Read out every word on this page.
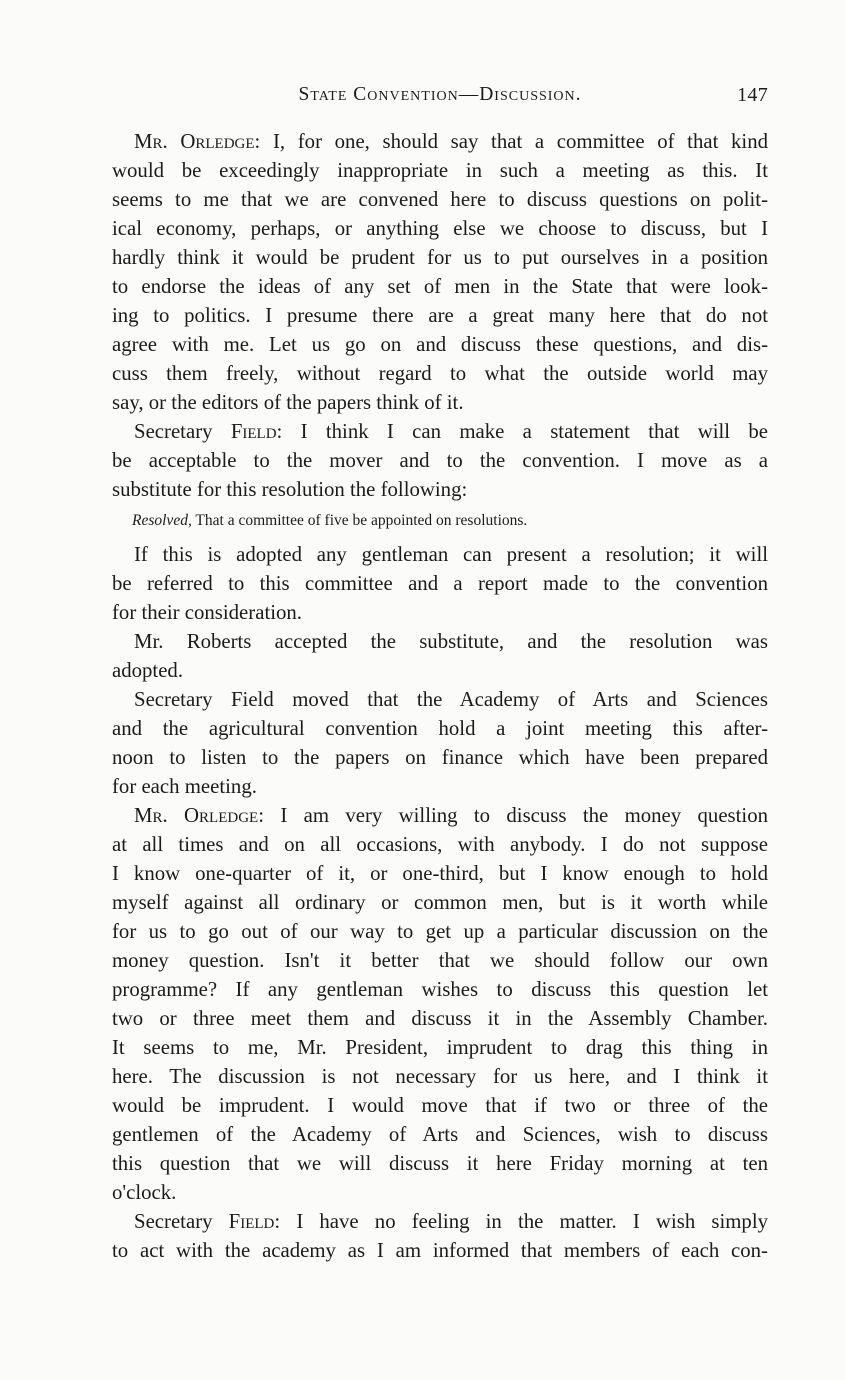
State Convention—Discussion.	147
Mr. Orledge: I, for one, should say that a committee of that kind
would be exceedingly inappropriate in such a meeting as this. It
seems to me that we are convened here to discuss questions on polit-
ical economy, perhaps, or anything else we choose to discuss, but I
hardly think it would be prudent for us to put ourselves in a position
to endorse the ideas of any set of men in the State that were look-
ing to politics. I presume there are a great many here that do not
agree with me. Let us go on and discuss these questions, and dis-
cuss them freely, without regard to what the outside world may
say, or the editors of the papers think of it.
Secretary Field: I think I can make a statement that will be
be acceptable to the mover and to the convention. I move as a
substitute for this resolution the following:
Resolved, That a committee of five be appointed on resolutions.
If this is adopted any gentleman can present a resolution; it will
be referred to this committee and a report made to the convention
for their consideration.
Mr. Roberts accepted the substitute, and the resolution was
adopted.
Secretary Field moved that the Academy of Arts and Sciences
and the agricultural convention hold a joint meeting this after-
noon to listen to the papers on finance which have been prepared
for each meeting.
Mr. Orledge: I am very willing to discuss the money question
at all times and on all occasions, with anybody. I do not suppose
I know one-quarter of it, or one-third, but I know enough to hold
myself against all ordinary or common men, but is it worth while
for us to go out of our way to get up a particular discussion on the
money question. Isn't it better that we should follow our own
programme? If any gentleman wishes to discuss this question let
two or three meet them and discuss it in the Assembly Chamber.
It seems to me, Mr. President, imprudent to drag this thing in
here. The discussion is not necessary for us here, and I think it
would be imprudent. I would move that if two or three of the
gentlemen of the Academy of Arts and Sciences, wish to discuss
this question that we will discuss it here Friday morning at ten
o'clock.
Secretary Field: I have no feeling in the matter. I wish simply
to act with the academy as I am informed that members of each con-
